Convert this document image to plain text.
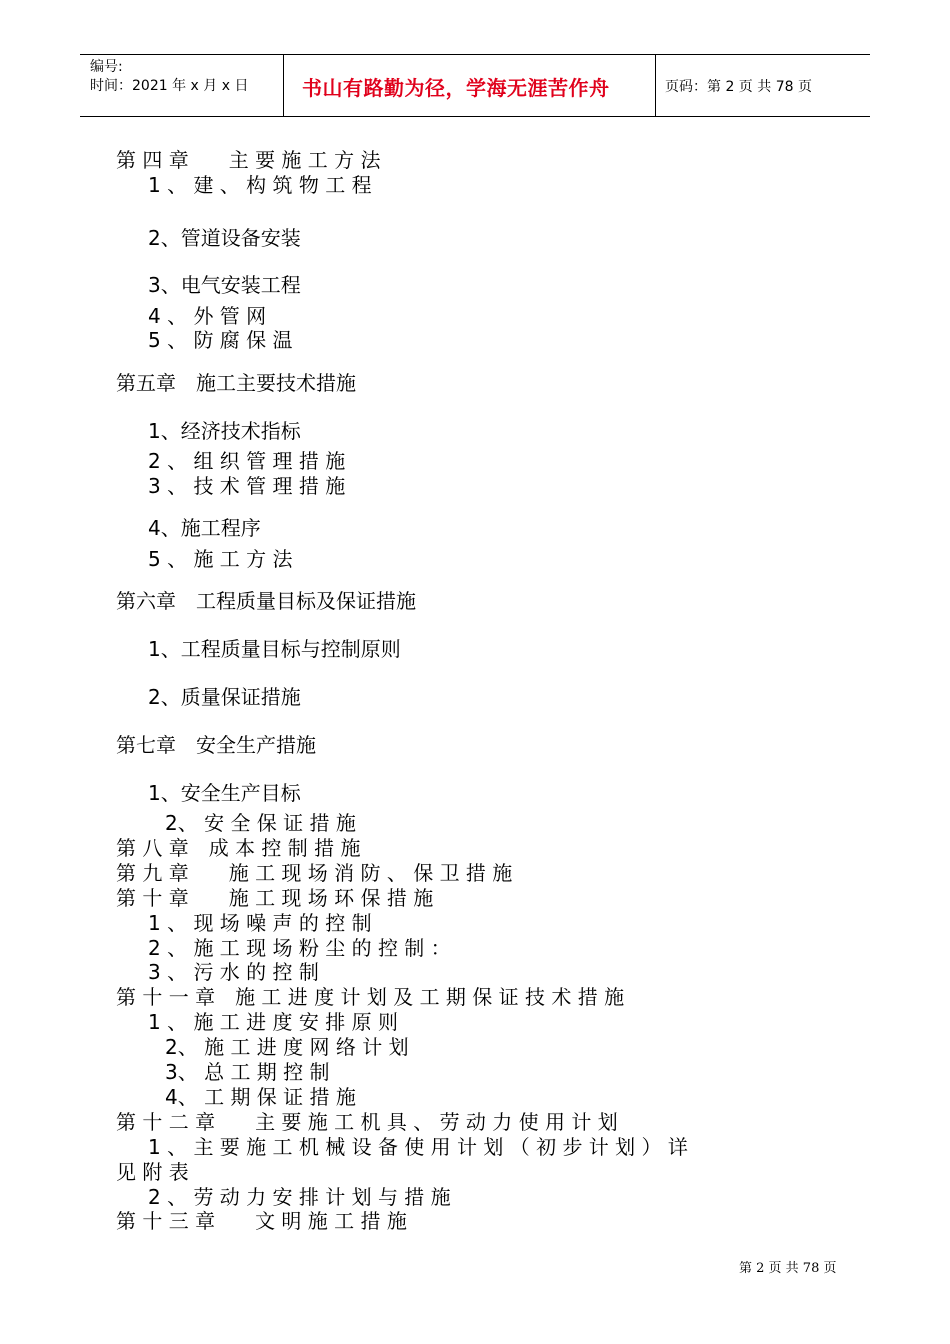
编号:
时间：2021 年 x 月 x 日	书山有路勤为径，学海无涯苦作舟	页码：第 2 页 共 78 页
第 四 章　　主 要 施 工 方 法
1 、 建 、 构 筑 物 工 程
2、管道设备安装
3、电气安装工程
4 、 外 管 网
5 、 防 腐 保 温
第五章　施工主要技术措施
1、经济技术指标
2 、 组 织 管 理 措 施
3 、 技 术 管 理 措 施
4、施工程序
5 、 施 工 方 法
第六章　工程质量目标及保证措施
1、工程质量目标与控制原则
2、质量保证措施
第七章　安全生产措施
1、安全生产目标
2、 安 全 保 证 措 施
第 八 章　成 本 控 制 措 施
第 九 章　　施 工 现 场 消 防 、 保 卫 措 施
第 十 章　　施 工 现 场 环 保 措 施
1 、 现 场 噪 声 的 控 制
2 、 施 工 现 场 粉 尘 的 控 制 ：
3 、 污 水 的 控 制
第 十 一 章　施 工 进 度 计 划 及 工 期 保 证 技 术 措 施
1 、 施 工 进 度 安 排 原 则
2、 施 工 进 度 网 络 计 划
3、 总 工 期 控 制
4、 工 期 保 证 措 施
第 十 二 章　　主 要 施 工 机 具 、 劳 动 力 使 用 计 划
1 、 主 要 施 工 机 械 设 备 使 用 计 划 （ 初 步 计 划 ） 详
见 附 表
2 、 劳 动 力 安 排 计 划 与 措 施
第 十 三 章　　文 明 施 工 措 施
第 2 页 共 78 页
